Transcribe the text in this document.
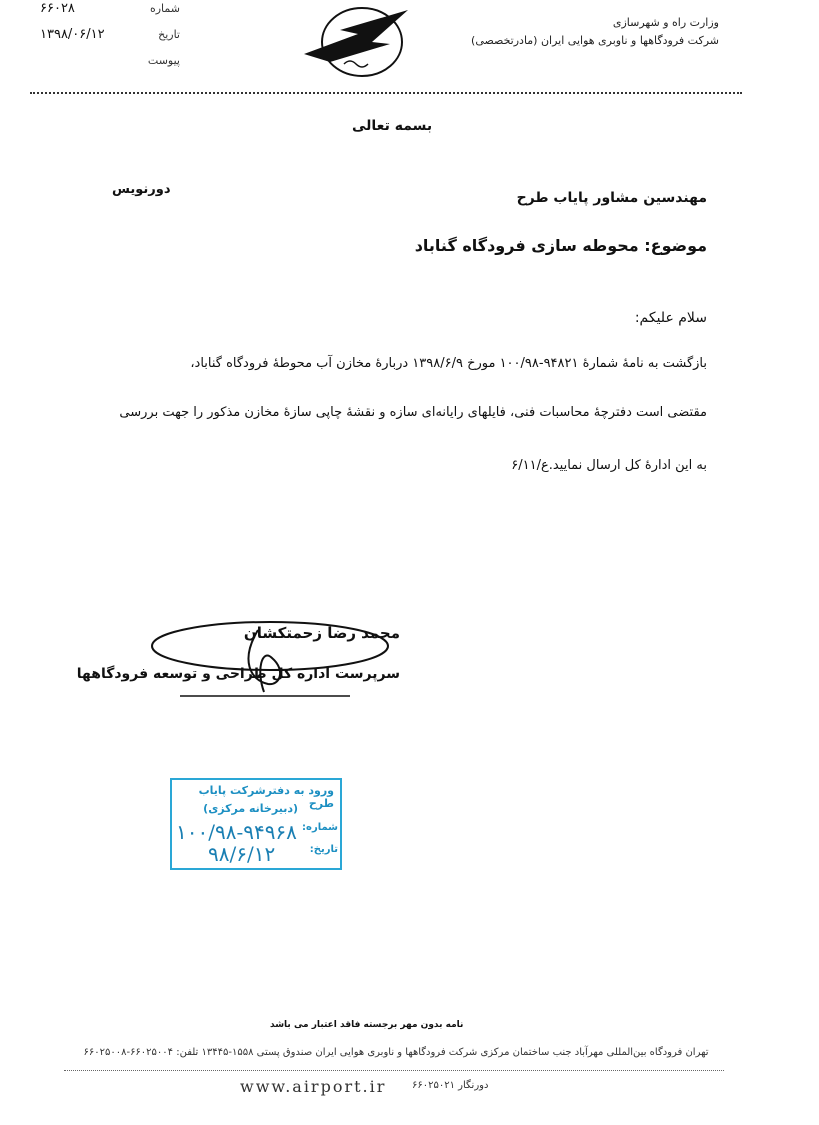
۶۶۰۲۸	شماره
۱۳۹۸/۰۶/۱۲	تاریخ
پیوست
وزارت راه و شهرسازی
شرکت فرودگاهها و ناوبری هوایی ایران (مادرتخصصی)
بسمه تعالی
دورنویس
مهندسین مشاور پایاب طرح
موضوع: محوطه سازی فرودگاه گناباد
سلام علیکم:
بازگشت به نامهٔ شمارهٔ ۹۴۸۲۱-۱۰۰/۹۸ مورخ ۱۳۹۸/۶/۹ دربارهٔ مخازن آب محوطهٔ فرودگاه گناباد،
مقتضی است دفترچهٔ محاسبات فنی، فایلهای رایانه‌ای سازه و نقشهٔ چاپی سازهٔ مخازن مذکور را جهت بررسی
به این ادارهٔ کل ارسال نمایید.ع/۶/۱۱
محمد رضا زحمتکشان
سرپرست اداره کل طراحی و توسعه فرودگاهها
ورود به دفترشرکت پایاب طرح
(دبیرخانه مرکزی)
شماره:
۱۰۰/۹۸-۹۴۹۶۸
تاریخ:
۹۸/۶/۱۲
نامه بدون مهر برجسته فاقد اعتبار می باشد
تهران فرودگاه بین‌المللی مهرآباد جنب ساختمان مرکزی شرکت فرودگاهها و ناوبری هوایی ایران صندوق پستی ۱۵۵۸-۱۳۴۴۵ تلفن: ۶۶۰۲۵۰۰۴-۶۶۰۲۵۰۰۸
www.airport.ir	دورنگار ۶۶۰۲۵۰۲۱
